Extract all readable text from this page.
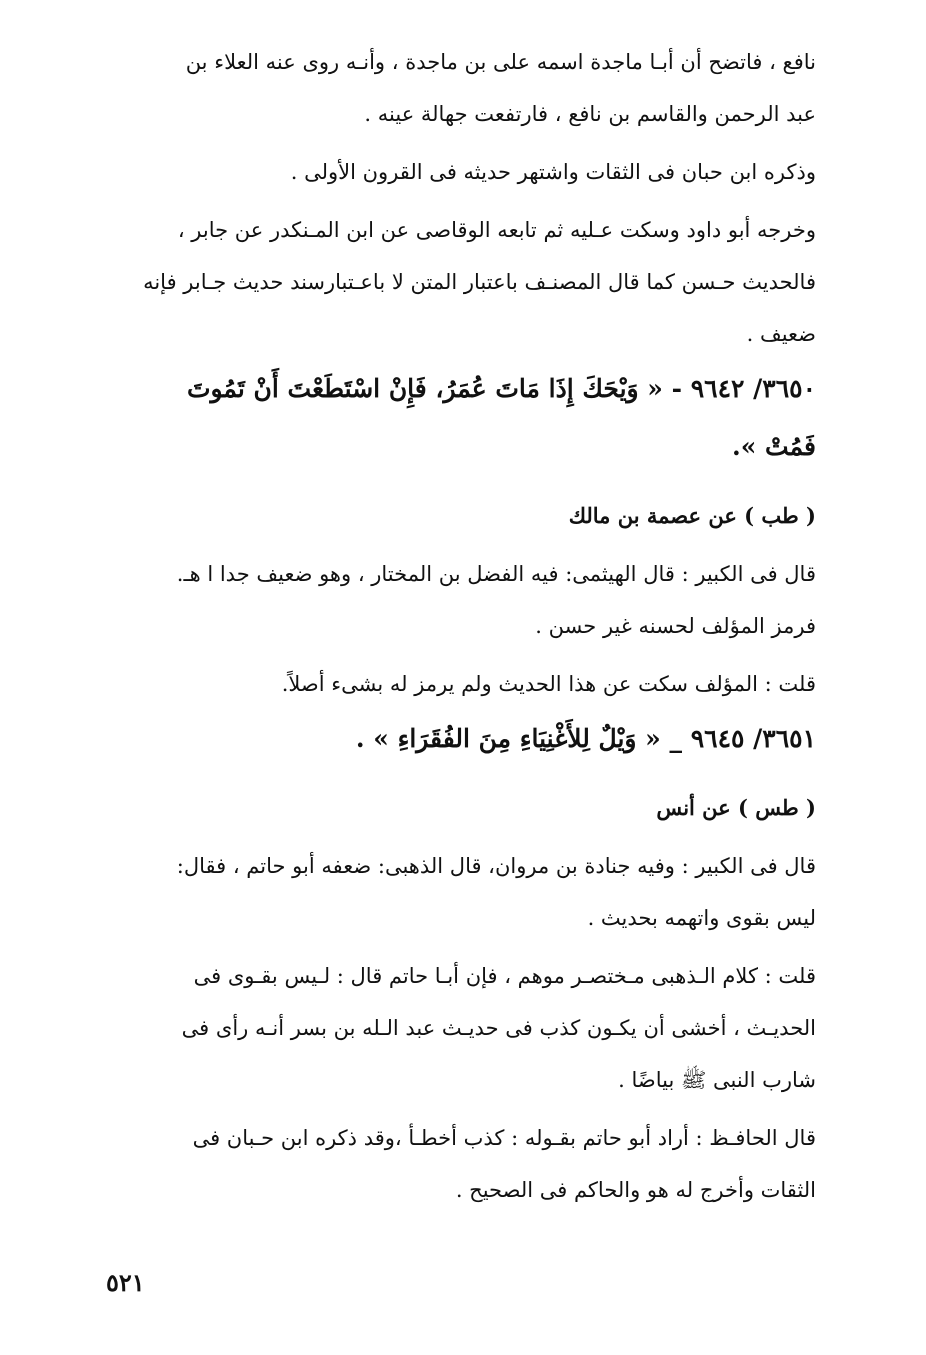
نافع ، فاتضح أن أبـا ماجدة اسمه على بن ماجدة ، وأنـه روى عنه العلاء بن
عبد الرحمن والقاسم بن نافع ، فارتفعت جهالة عينه .
وذكره ابن حبان فى الثقات واشتهر حديثه فى القرون الأولى .
وخرجه أبو داود وسكت عـليه ثم تابعه الوقاصى عن ابن المـنكدر عن جابر ،
فالحديث حـسن كما قال المصنـف باعتبار المتن لا باعـتبارسند حديث جـابر فإنه
ضعيف .
٣٦٥٠/ ٩٦٤٢ - « وَيْحَكَ إِذَا مَاتَ عُمَرُ، فَإِنْ اسْتَطَعْتَ أَنْ تَمُوتَ
فَمُتْ ».
( طب ) عن عصمة بن مالك
قال فى الكبير : قال الهيثمى: فيه الفضل بن المختار ، وهو ضعيف جدا ا هـ.
فرمز المؤلف لحسنه غير حسن .
قلت : المؤلف سكت عن هذا الحديث ولم يرمز له بشىء أصلاً.
٣٦٥١/ ٩٦٤٥ _ « وَيْلٌ لِلأَغْنِيَاءِ مِنَ الفُقَرَاءِ » .
( طس ) عن أنس
قال فى الكبير : وفيه جنادة بن مروان، قال الذهبى: ضعفه أبو حاتم ، فقال:
ليس بقوى واتهمه بحديث .
قلت : كلام الـذهبى مـختصـر موهم ، فإن أبـا حاتم قال : لـيس بقـوى فى
الحديـث ، أخشى أن يكـون كذب فى حديـث عبد الـله بن بسر أنـه رأى فى
شارب النبى ﷺ بياضًا .
قال الحافـظ : أراد أبو حاتم بقـوله : كذب أخطـأ ،وقد ذكره ابن حـبان فى
الثقات وأخرج له هو والحاكم فى الصحيح .
٥٢١
